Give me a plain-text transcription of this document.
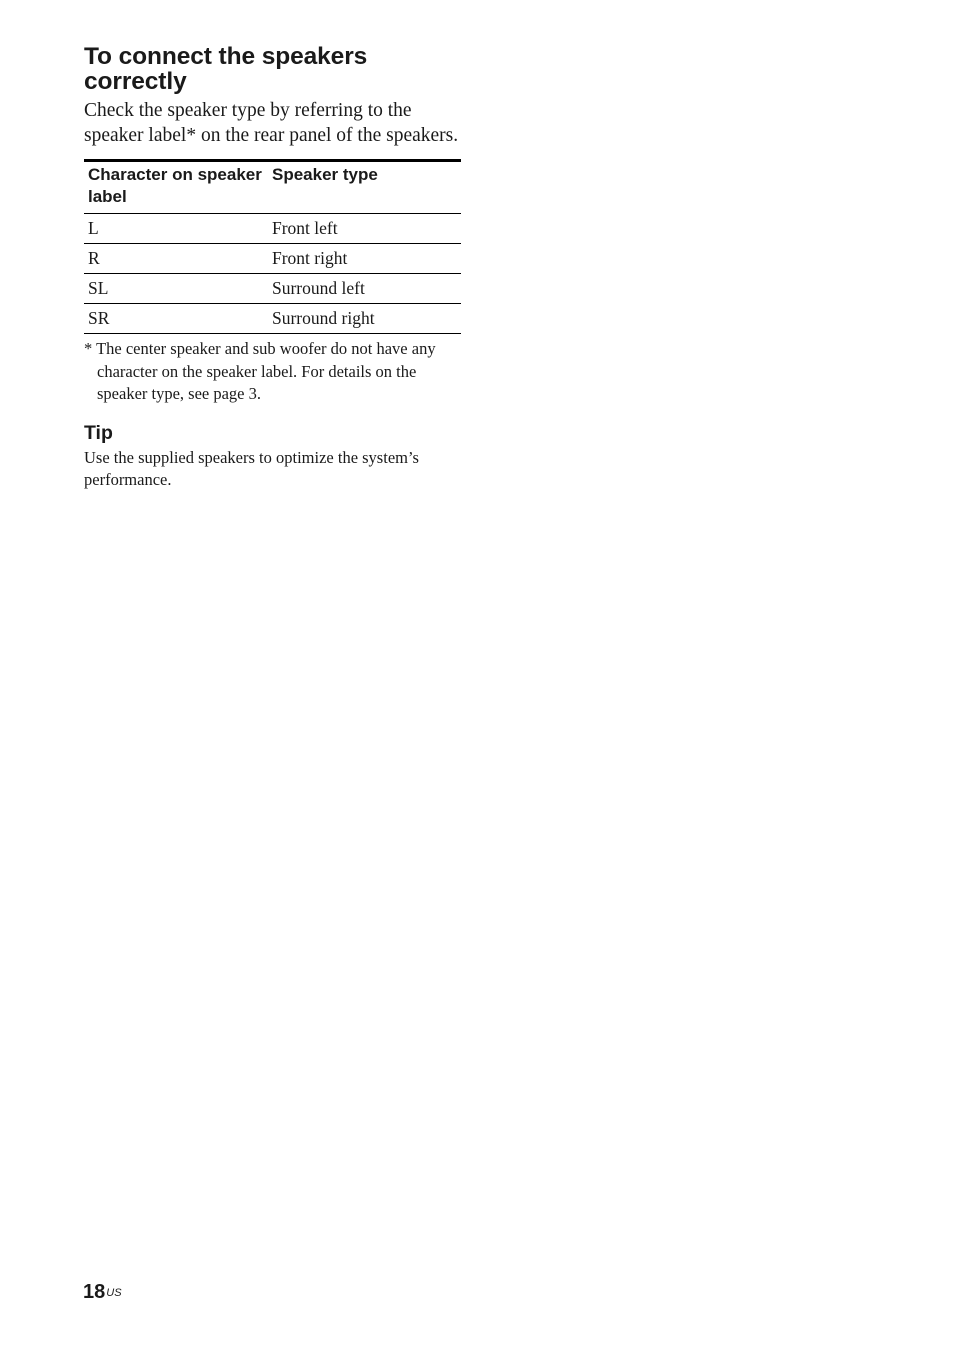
To connect the speakers correctly

Check the speaker type by referring to the speaker label* on the rear panel of the speakers.

Character on speaker label	Speaker type
L	Front left
R	Front right
SL	Surround left
SR	Surround right

* The center speaker and sub woofer do not have any character on the speaker label. For details on the speaker type, see page 3.

Tip

Use the supplied speakers to optimize the system’s performance.

$18^{US}$
